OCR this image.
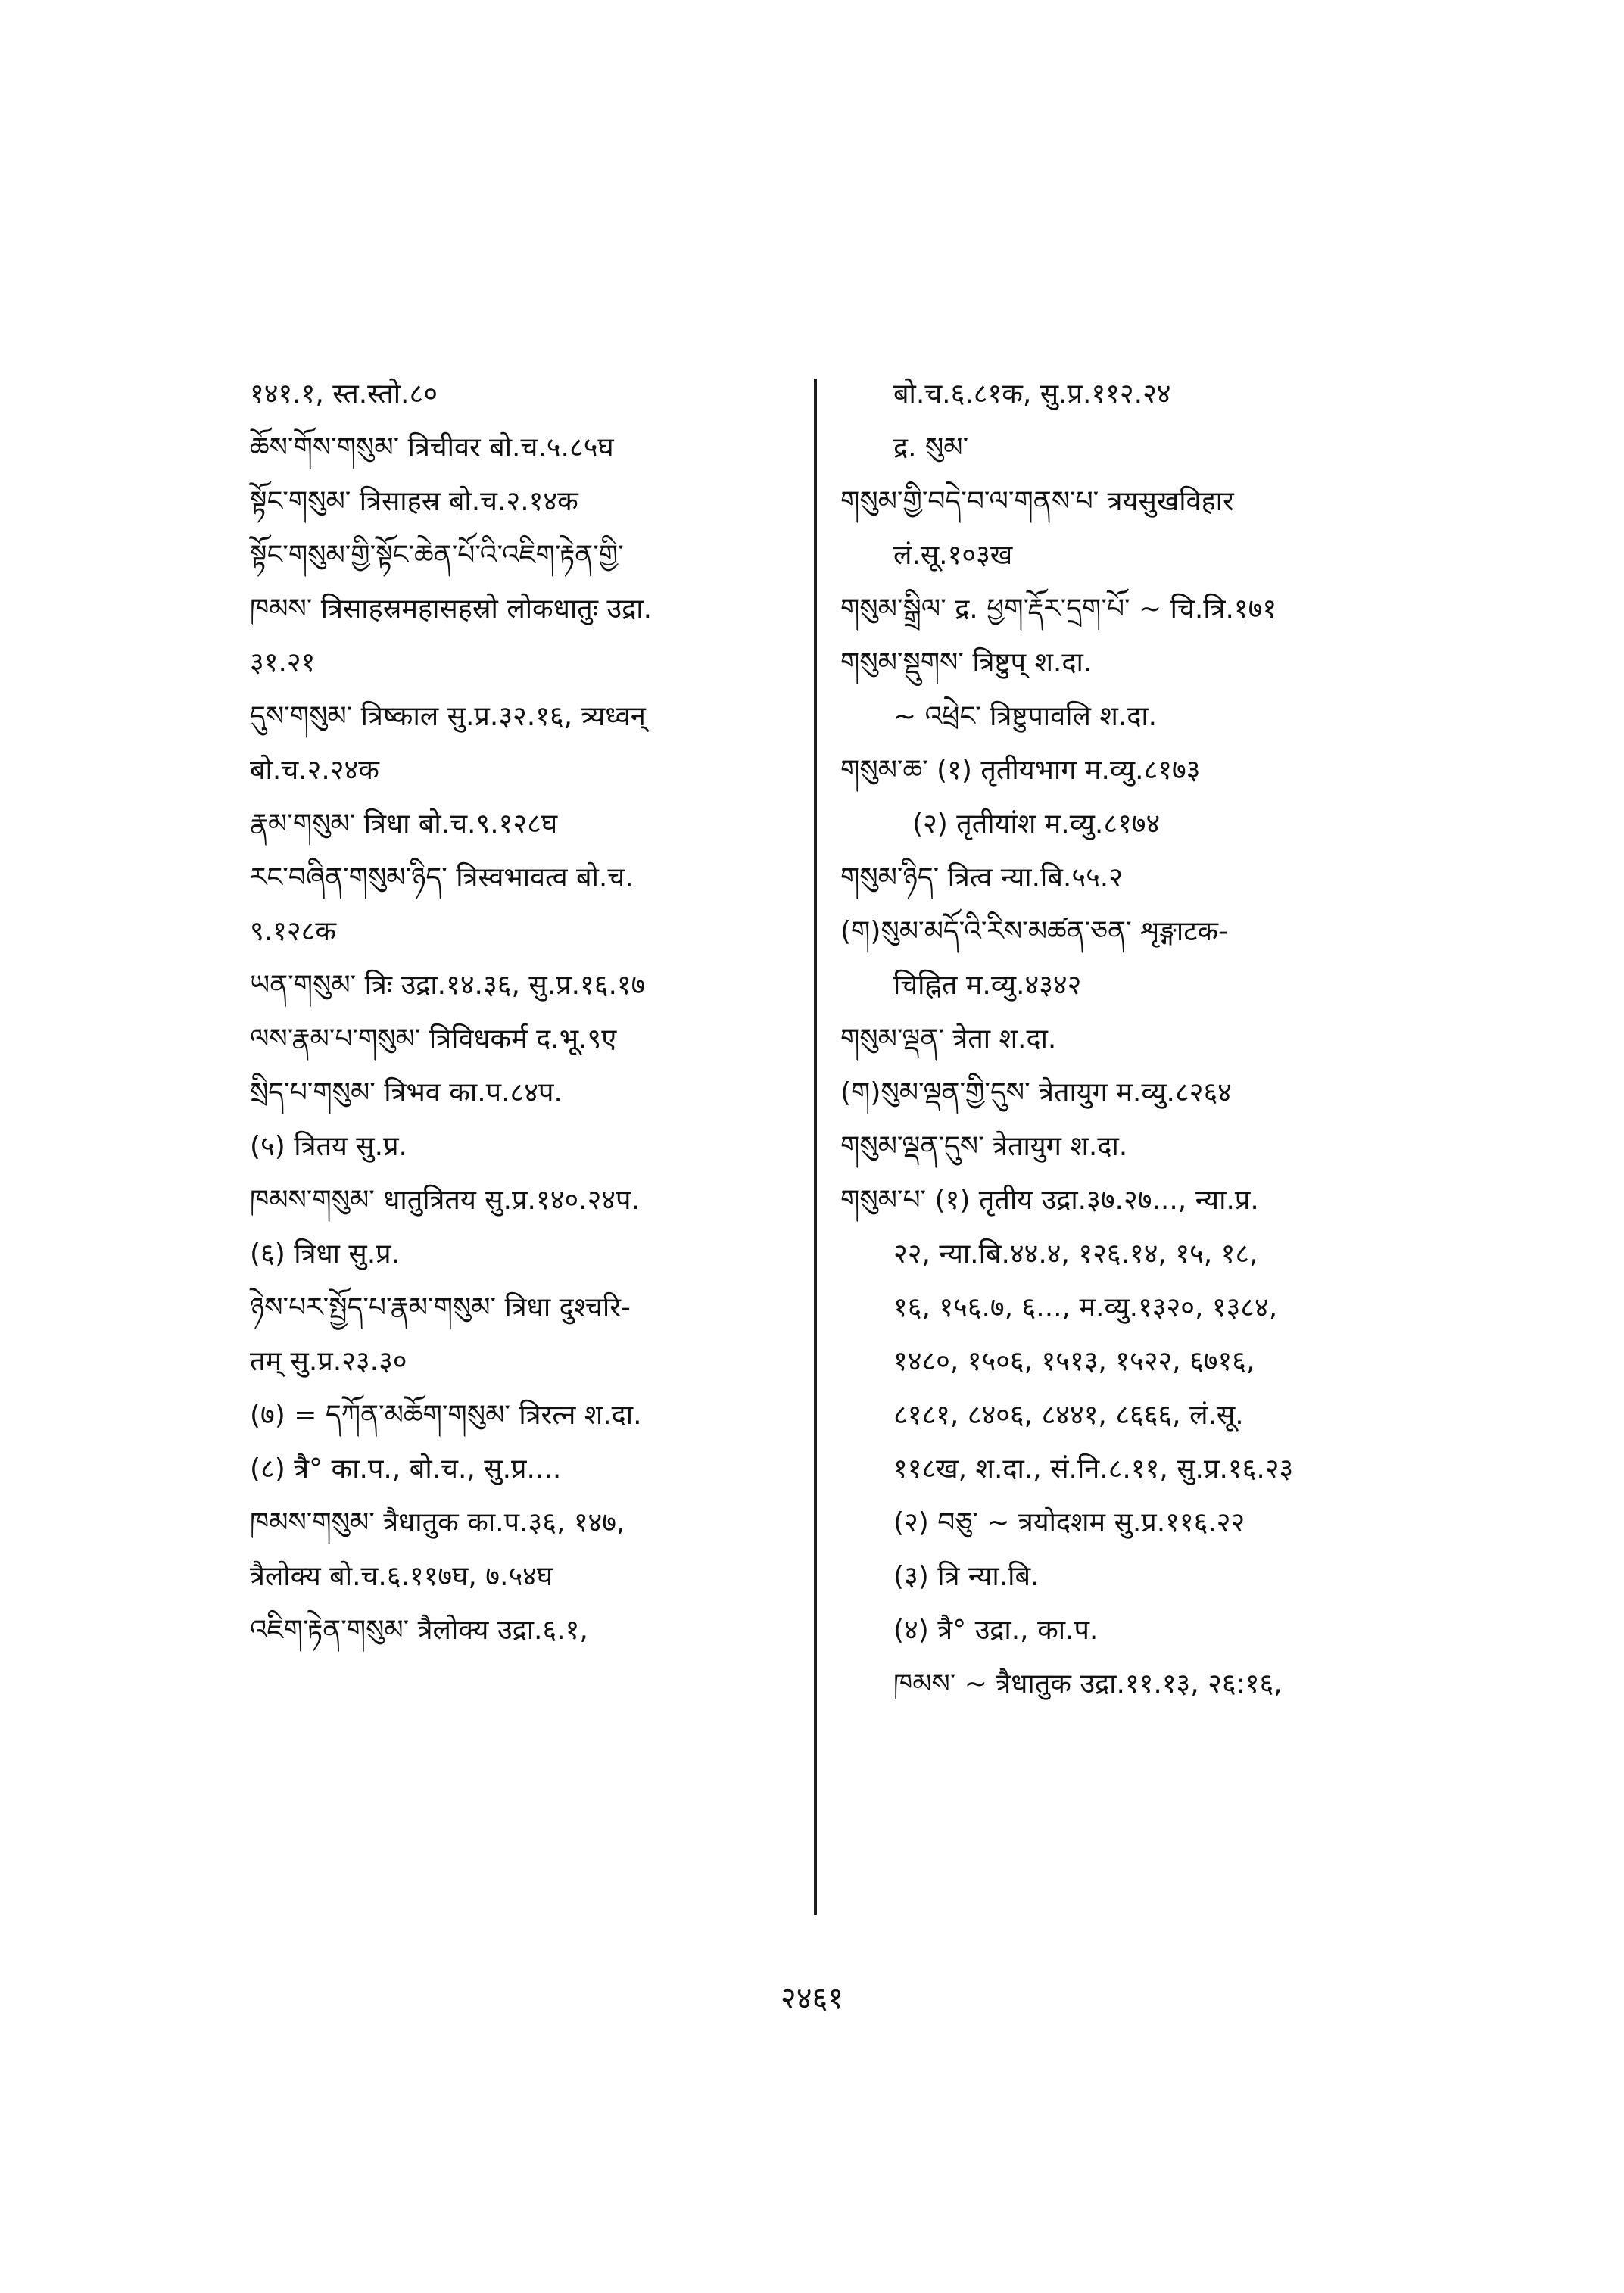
१४१.१, स्त.स्तो.८०
ཆོས་གོས་གསུམ་ त्रिचीवर बो.च.५.८५घ
སྟོང་གསུམ་ त्रिसाहस्र बो.च.२.१४क
སྟོང་གསུམ་གྱི་སྟོང་ཆེན་པོ་འི་འཇིག་རྟེན་གྱི་
ཁམས་ त्रिसाहस्रमहासहस्रो लोकधातुः उद्रा.
३१.२१
དུས་གསུམ་ त्रिष्काल सु.प्र.३२.१६, त्र्यध्वन्
बो.च.२.२४क
རྣམ་གསུམ་ त्रिधा बो.च.९.१२८घ
རང་བཞིན་གསུམ་ཉིད་ त्रिस्वभावत्व बो.च.
९.१२८क
ཡན་གསུམ་ त्रिः उद्रा.१४.३६, सु.प्र.१६.१७
ལས་རྣམ་པ་གསུམ་ त्रिविधकर्म द.भू.९ए
སྲིད་པ་གསུམ་ त्रिभव का.प.८४प.
(५) त्रितय सु.प्र.
ཁམས་གསུམ་ धातुत्रितय सु.प्र.१४०.२४प.
(६) त्रिधा सु.प्र.
ཉེས་པར་སྤྱོད་པ་རྣམ་གསུམ་ त्रिधा दुश्चरि-
तम् सु.प्र.२३.३०
(७) = དཀོན་མཆོག་གསུམ་ त्रिरत्न श.दा.
(८) त्रै° का.प., बो.च., सु.प्र....
ཁམས་གསུམ་ त्रैधातुक का.प.३६, १४७,
त्रैलोक्य बो.च.६.११७घ, ७.५४घ
འཇིག་རྟེན་གསུམ་ त्रैलोक्य उद्रा.६.१,
बो.च.६.८१क, सु.प्र.११२.२४
द्र. སུམ་
གསུམ་གྱི་བདེ་བ་ལ་གནས་པ་ त्रयसुखविहार
लं.सू.१०३ख
གསུམ་སྒྲིལ་ द्र. ཕྱག་རྡོར་དྲག་པོ་ ~ चि.त्रि.१७१
གསུམ་སྡུགས་ त्रिष्टुप् श.दा.
~ འཕྲེང་ त्रिष्टुपावलि श.दा.
གསུམ་ཆ་ (१) तृतीयभाग म.व्यु.८१७३
(२) तृतीयांश म.व्यु.८१७४
གསུམ་ཉིད་ त्रित्व न्या.बि.५५.२
(ག)སུམ་མདོ་འི་རིས་མཚན་ཅན་ शृङ्गाटक-
चिह्नित म.व्यु.४३४२
གསུམ་ལྡན་ त्रेता श.दा.
(ག)སུམ་ལྡན་གྱི་དུས་ त्रेतायुग म.व्यु.८२६४
གསུམ་ལྡན་དུས་ त्रेतायुग श.दा.
གསུམ་པ་ (१) तृतीय उद्रा.३७.२७..., न्या.प्र.
२२, न्या.बि.४४.४, १२६.१४, १५, १८,
१६, १५६.७, ६..., म.व्यु.१३२०, १३८४,
१४८०, १५०६, १५१३, १५२२, ६७१६,
८१८१, ८४०६, ८४४१, ८६६६, लं.सू.
११८ख, श.दा., सं.नि.८.११, सु.प्र.१६.२३
(२) བཅུ་ ~ त्रयोदशम सु.प्र.११६.२२
(३) त्रि न्या.बि.
(४) त्रै° उद्रा., का.प.
ཁམས་ ~ त्रैधातुक उद्रा.११.१३, २६:१६,
२४६१
